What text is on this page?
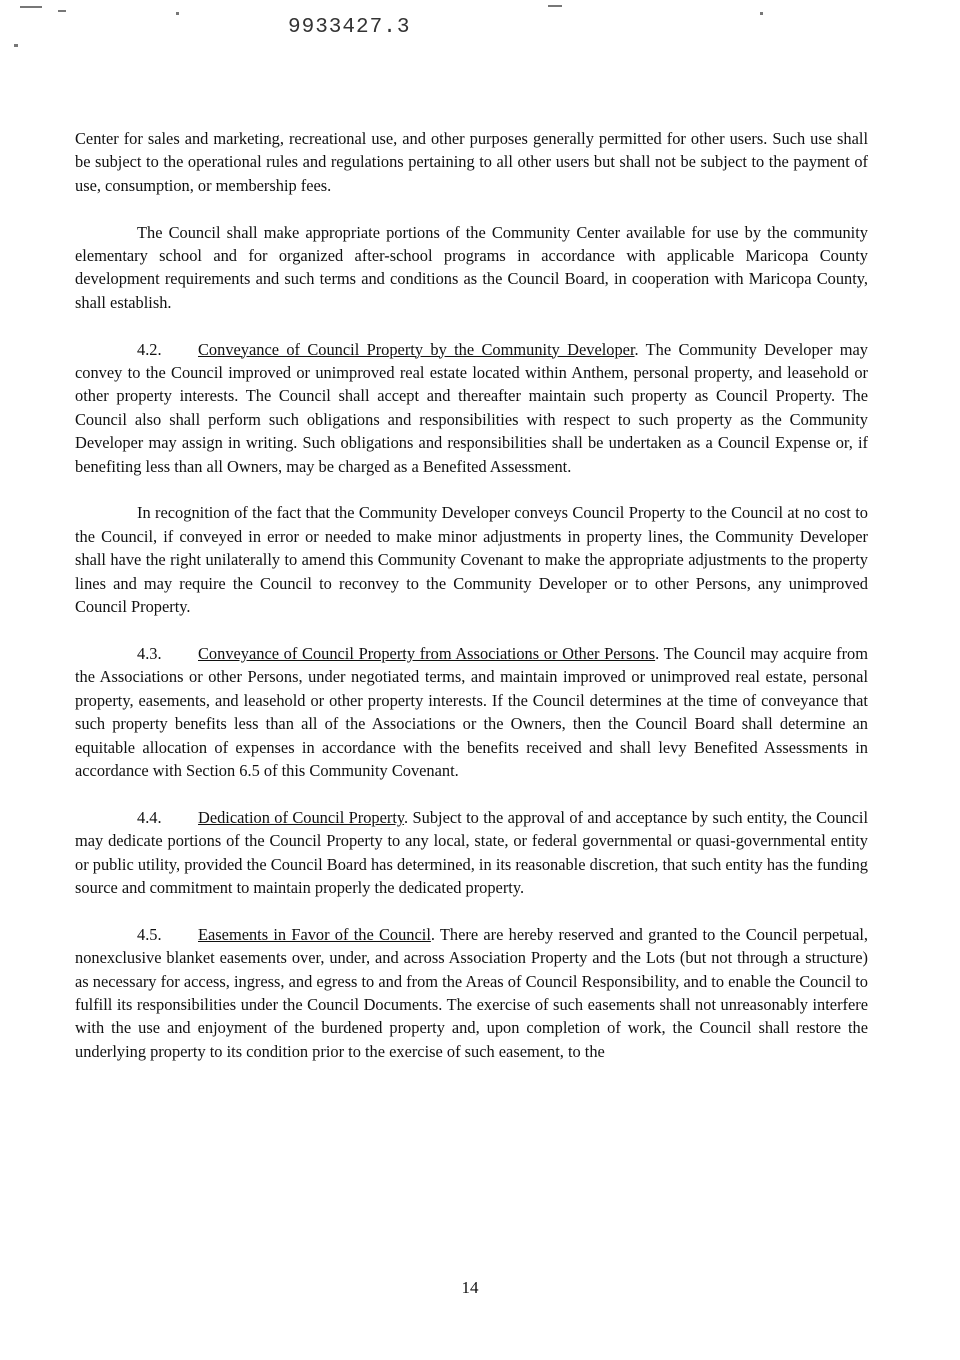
9933427.3

Center for sales and marketing, recreational use, and other purposes generally permitted for other users. Such use shall be subject to the operational rules and regulations pertaining to all other users but shall not be subject to the payment of use, consumption, or membership fees.

The Council shall make appropriate portions of the Community Center available for use by the community elementary school and for organized after-school programs in accordance with applicable Maricopa County development requirements and such terms and conditions as the Council Board, in cooperation with Maricopa County, shall establish.

4.2. Conveyance of Council Property by the Community Developer. The Community Developer may convey to the Council improved or unimproved real estate located within Anthem, personal property, and leasehold or other property interests. The Council shall accept and thereafter maintain such property as Council Property. The Council also shall perform such obligations and responsibilities with respect to such property as the Community Developer may assign in writing. Such obligations and responsibilities shall be undertaken as a Council Expense or, if benefiting less than all Owners, may be charged as a Benefited Assessment.

In recognition of the fact that the Community Developer conveys Council Property to the Council at no cost to the Council, if conveyed in error or needed to make minor adjustments in property lines, the Community Developer shall have the right unilaterally to amend this Community Covenant to make the appropriate adjustments to the property lines and may require the Council to reconvey to the Community Developer or to other Persons, any unimproved Council Property.

4.3. Conveyance of Council Property from Associations or Other Persons. The Council may acquire from the Associations or other Persons, under negotiated terms, and maintain improved or unimproved real estate, personal property, easements, and leasehold or other property interests. If the Council determines at the time of conveyance that such property benefits less than all of the Associations or the Owners, then the Council Board shall determine an equitable allocation of expenses in accordance with the benefits received and shall levy Benefited Assessments in accordance with Section 6.5 of this Community Covenant.

4.4. Dedication of Council Property. Subject to the approval of and acceptance by such entity, the Council may dedicate portions of the Council Property to any local, state, or federal governmental or quasi-governmental entity or public utility, provided the Council Board has determined, in its reasonable discretion, that such entity has the funding source and commitment to maintain properly the dedicated property.

4.5. Easements in Favor of the Council. There are hereby reserved and granted to the Council perpetual, nonexclusive blanket easements over, under, and across Association Property and the Lots (but not through a structure) as necessary for access, ingress, and egress to and from the Areas of Council Responsibility, and to enable the Council to fulfill its responsibilities under the Council Documents. The exercise of such easements shall not unreasonably interfere with the use and enjoyment of the burdened property and, upon completion of work, the Council shall restore the underlying property to its condition prior to the exercise of such easement, to the

14
